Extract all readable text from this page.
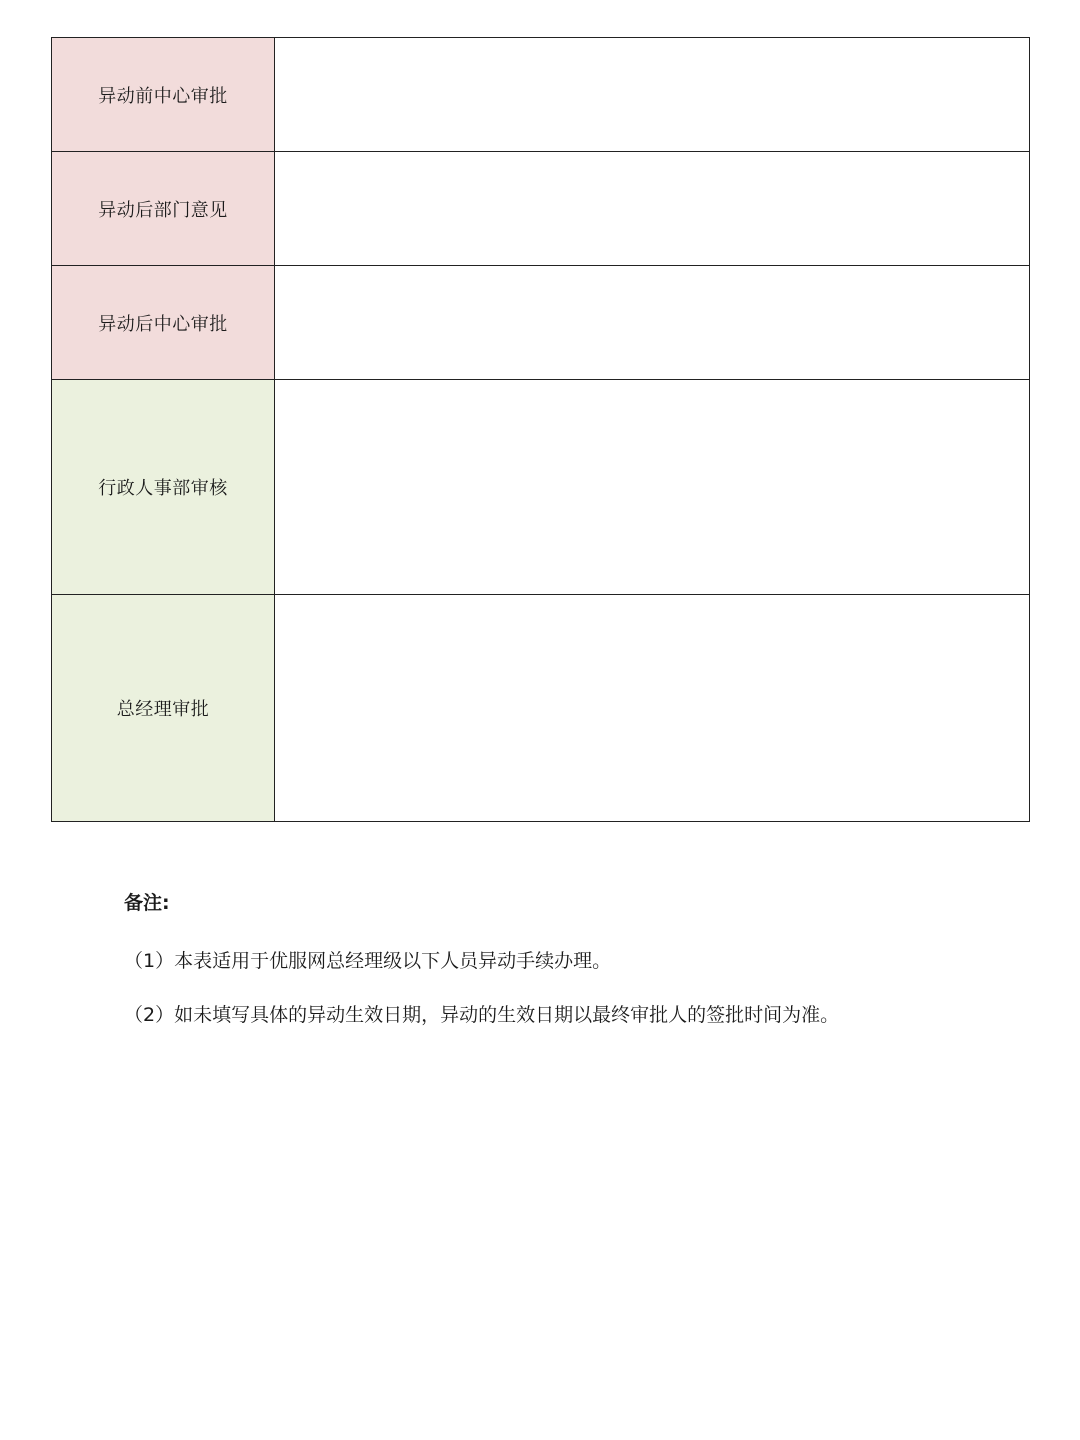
异动前中心审批	
异动后部门意见	
异动后中心审批	
行政人事部审核	
总经理审批	
备注:
（1）本表适用于优服网总经理级以下人员异动手续办理。
（2）如未填写具体的异动生效日期，异动的生效日期以最终审批人的签批时间为准。
